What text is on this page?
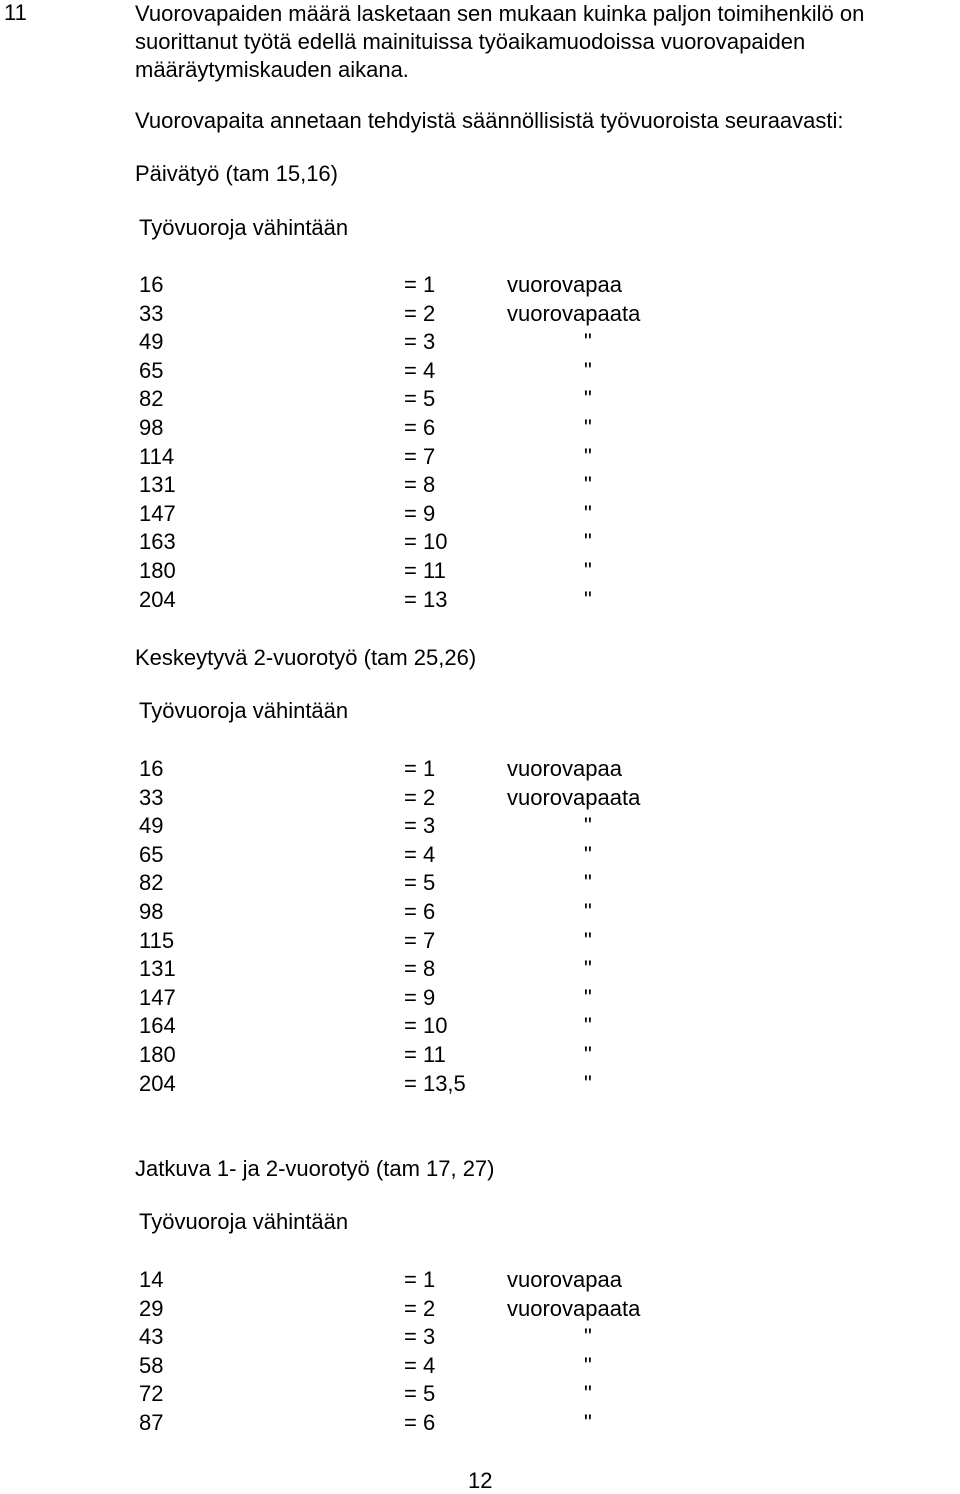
11	Vuorovapaiden määrä lasketaan sen mukaan kuinka paljon toimihenkilö on suorittanut työtä edellä mainituissa työaikamuodoissa vuorovapaiden määräytymiskauden aikana.
Vuorovapaita annetaan tehdyistä säännöllisistä työvuoroista seuraavasti:
Päivätyö (tam 15,16)
Työvuoroja vähintään
16	= 1	vuorovapaa
33	= 2	vuorovapaata
49	= 3	"
65	= 4	"
82	= 5	"
98	= 6	"
114	= 7	"
131	= 8	"
147	= 9	"
163	= 10	"
180	= 11	"
204	= 13	"
Keskeytyvä 2-vuorotyö (tam 25,26)
Työvuoroja vähintään
16	= 1	vuorovapaa
33	= 2	vuorovapaata
49	= 3	"
65	= 4	"
82	= 5	"
98	= 6	"
115	= 7	"
131	= 8	"
147	= 9	"
164	= 10	"
180	= 11	"
204	= 13,5	"
Jatkuva 1- ja 2-vuorotyö (tam 17, 27)
Työvuoroja vähintään
14	= 1	vuorovapaa
29	= 2	vuorovapaata
43	= 3	"
58	= 4	"
72	= 5	"
87	= 6	"
12
